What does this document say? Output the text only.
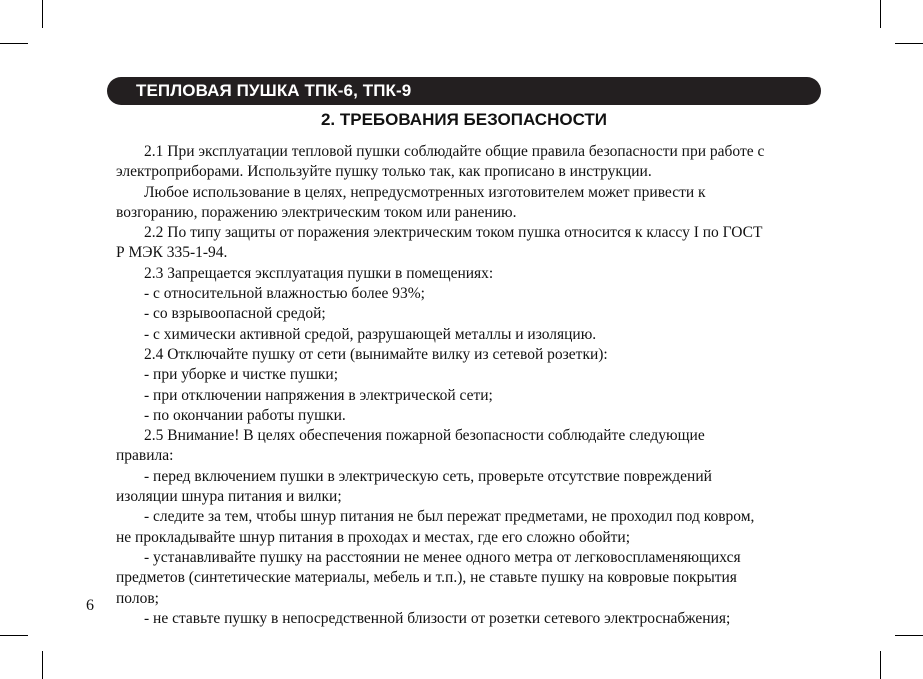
ТЕПЛОВАЯ ПУШКА ТПК-6, ТПК-9
2. ТРЕБОВАНИЯ БЕЗОПАСНОСТИ

2.1 При эксплуатации тепловой пушки соблюдайте общие правила безопасности при работе с

электроприборами. Используйте пушку только так, как прописано в инструкции.

Любое использование в целях, непредусмотренных изготовителем может привести к

возгоранию, поражению электрическим током или ранению.

2.2 По типу защиты от поражения электрическим током пушка относится к классу I по ГОСТ

Р МЭК 335-1-94.

2.3 Запрещается эксплуатация пушки в помещениях:

- с относительной влажностью более 93%;

- со взрывоопасной средой;

- с химически активной средой, разрушающей металлы и изоляцию.

2.4 Отключайте пушку от сети (вынимайте вилку из сетевой розетки):

- при уборке и чистке пушки;

- при отключении напряжения в электрической сети;

- по окончании работы пушки.

2.5 Внимание! В целях обеспечения пожарной безопасности соблюдайте следующие

правила:

- перед включением пушки в электрическую сеть, проверьте отсутствие повреждений

изоляции шнура питания и вилки;

- следите за тем, чтобы шнур питания не был пережат предметами, не проходил под ковром,

не прокладывайте шнур питания в проходах и местах, где его сложно обойти;

- устанавливайте пушку на расстоянии не менее одного метра от легковоспламеняющихся

предметов (синтетические материалы, мебель и т.п.), не ставьте пушку на ковровые покрытия

полов;

- не ставьте пушку в непосредственной близости от розетки сетевого электроснабжения;

6
